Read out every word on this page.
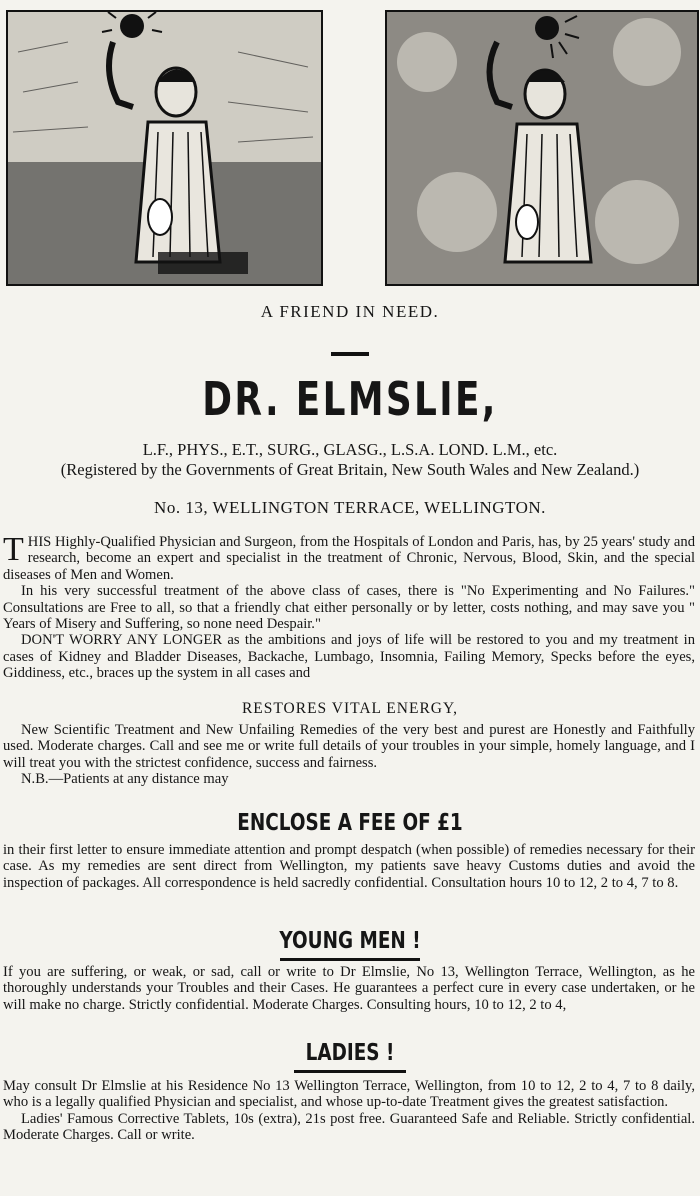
A FRIEND IN NEED.
DR. ELMSLIE,
L.F., PHYS., E.T., SURG., GLASG., L.S.A. LOND. L.M., etc.
(Registered by the Governments of Great Britain, New South Wales and New Zealand.)
No. 13, WELLINGTON TERRACE, WELLINGTON.

THIS Highly-Qualified Physician and Surgeon, from the Hospitals of London and Paris, has, by 25 years' study and research, become an expert and specialist in the treatment of Chronic, Nervous, Blood, Skin, and the special diseases of Men and Women.

In his very successful treatment of the above class of cases, there is "No Experimenting and No Failures." Consultations are Free to all, so that a friendly chat either personally or by letter, costs nothing, and may save you " Years of Misery and Suffering, so none need Despair."

DON'T WORRY ANY LONGER as the ambitions and joys of life will be restored to you and my treatment in cases of Kidney and Bladder Diseases, Backache, Lumbago, Insomnia, Failing Memory, Specks before the eyes, Giddiness, etc., braces up the system in all cases and

RESTORES VITAL ENERGY,

New Scientific Treatment and New Unfailing Remedies of the very best and purest are Honestly and Faithfully used. Moderate charges. Call and see me or write full details of your troubles in your simple, homely language, and I will treat you with the strictest confidence, success and fairness.

N.B.—Patients at any distance may

ENCLOSE A FEE OF £1

in their first letter to ensure immediate attention and prompt despatch (when possible) of remedies necessary for their case. As my remedies are sent direct from Wellington, my patients save heavy Customs duties and avoid the inspection of packages. All correspondence is held sacredly confidential. Consultation hours 10 to 12, 2 to 4, 7 to 8.

YOUNG MEN !

If you are suffering, or weak, or sad, call or write to Dr Elmslie, No 13, Wellington Terrace, Wellington, as he thoroughly understands your Troubles and their Cases. He guarantees a perfect cure in every case undertaken, or he will make no charge. Strictly confidential. Moderate Charges. Consulting hours, 10 to 12, 2 to 4,

LADIES !

May consult Dr Elmslie at his Residence No 13 Wellington Terrace, Wellington, from 10 to 12, 2 to 4, 7 to 8 daily, who is a legally qualified Physician and specialist, and whose up-to-date Treatment gives the greatest satisfaction.

Ladies' Famous Corrective Tablets, 10s (extra), 21s post free. Guaranteed Safe and Reliable. Strictly confidential. Moderate Charges. Call or write.
